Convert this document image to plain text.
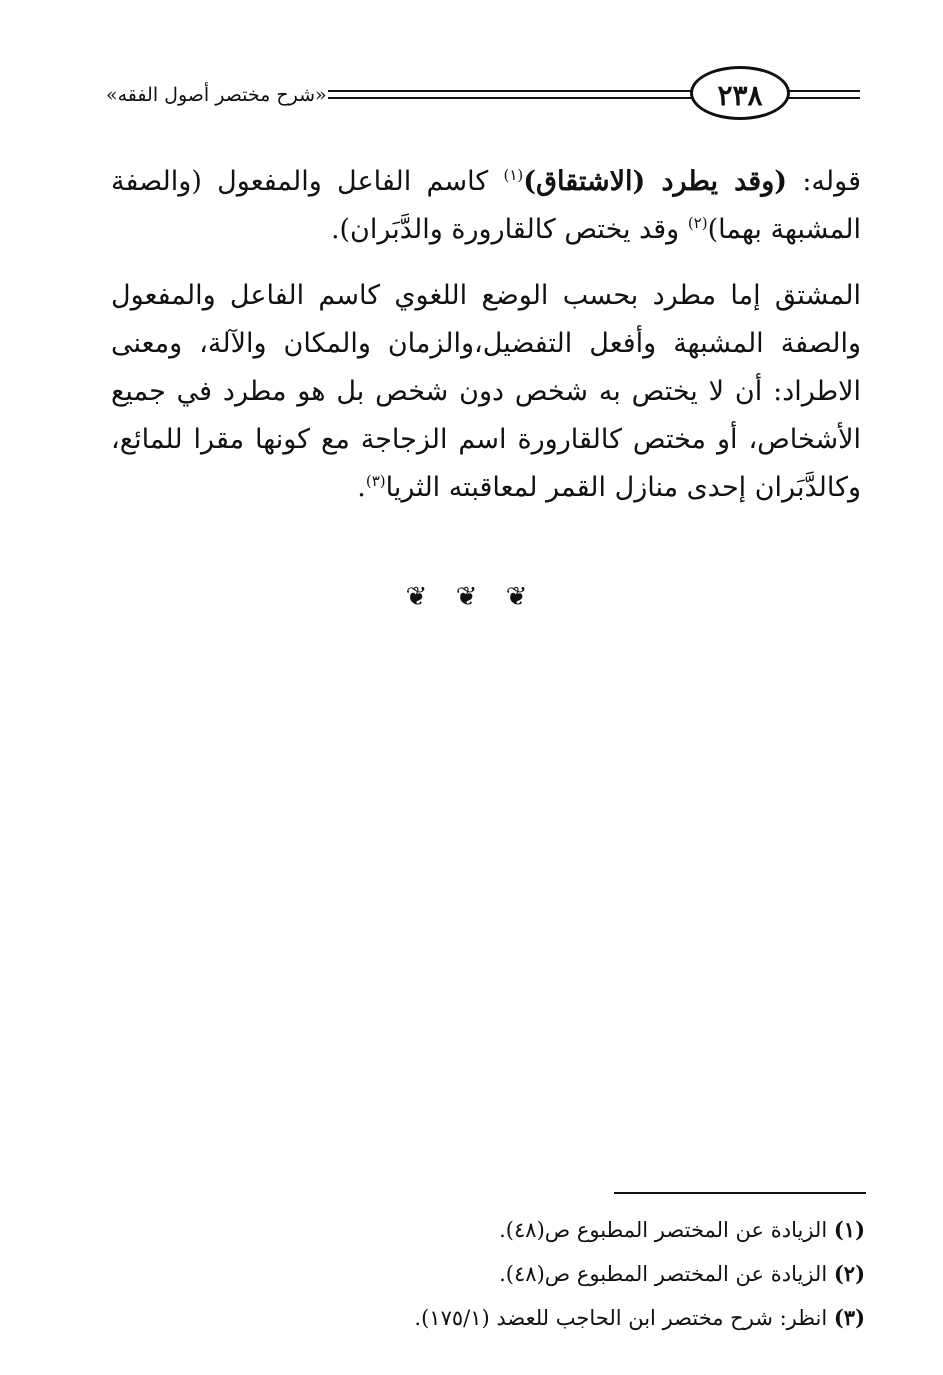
«شرح مختصر أصول الفقه»	٢٣٨
قوله: (وقد يطرد (الاشتقاق)$^{(١)}$ كاسم الفاعل والمفعول (والصفة المشبهة بهما)$^{(٢)}$ وقد يختص كالقارورة والدَّبَران).
المشتق إما مطرد بحسب الوضع اللغوي كاسم الفاعل والمفعول والصفة المشبهة وأفعل التفضيل،والزمان والمكان والآلة، ومعنى الاطراد: أن لا يختص به شخص دون شخص بل هو مطرد في جميع الأشخاص، أو مختص كالقارورة اسم الزجاجة مع كونها مقرا للمائع، وكالدَّبَران إحدى منازل القمر لمعاقبته الثريا$^{(٣)}$.
❦ ❦ ❦
(١) الزيادة عن المختصر المطبوع ص(٤٨).
(٢) الزيادة عن المختصر المطبوع ص(٤٨).
(٣) انظر: شرح مختصر ابن الحاجب للعضد (١٧٥/١).
